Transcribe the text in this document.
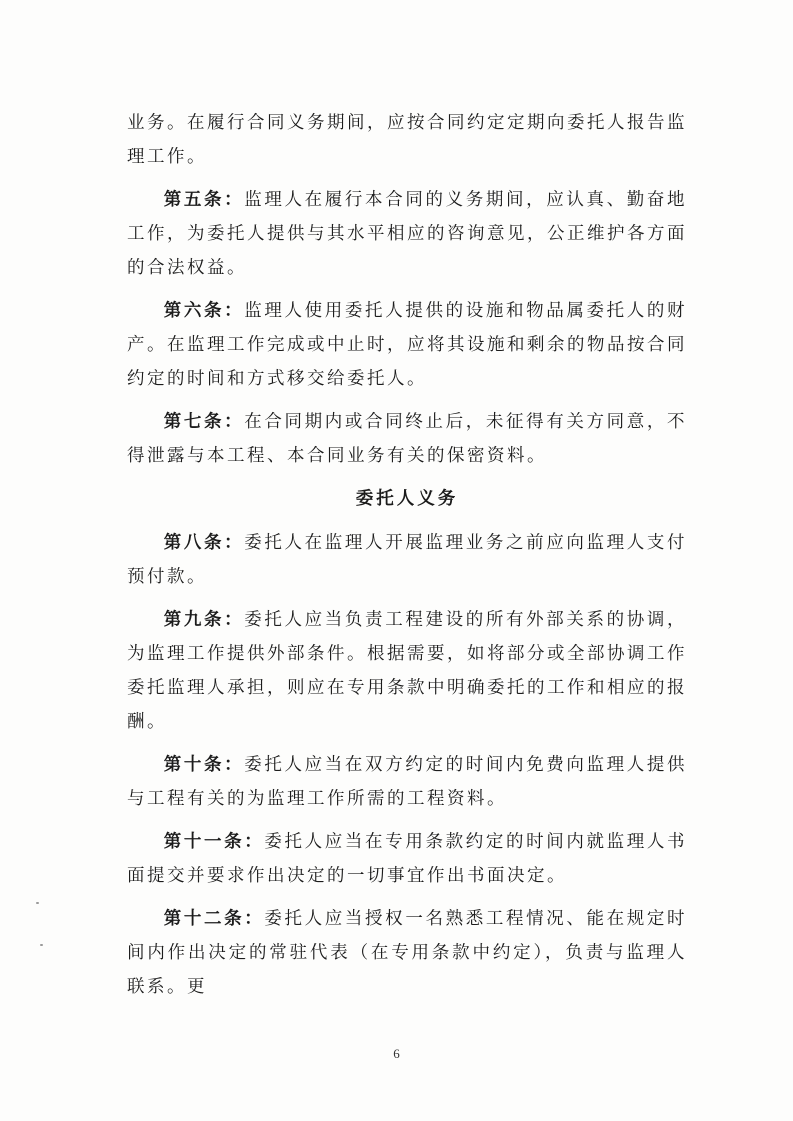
业务。在履行合同义务期间，应按合同约定定期向委托人报告监理工作。

第五条：监理人在履行本合同的义务期间，应认真、勤奋地工作，为委托人提供与其水平相应的咨询意见，公正维护各方面的合法权益。

第六条：监理人使用委托人提供的设施和物品属委托人的财产。在监理工作完成或中止时，应将其设施和剩余的物品按合同约定的时间和方式移交给委托人。

第七条：在合同期内或合同终止后，未征得有关方同意，不得泄露与本工程、本合同业务有关的保密资料。

委托人义务

第八条：委托人在监理人开展监理业务之前应向监理人支付预付款。

第九条：委托人应当负责工程建设的所有外部关系的协调，为监理工作提供外部条件。根据需要，如将部分或全部协调工作委托监理人承担，则应在专用条款中明确委托的工作和相应的报酬。

第十条：委托人应当在双方约定的时间内免费向监理人提供与工程有关的为监理工作所需的工程资料。

第十一条：委托人应当在专用条款约定的时间内就监理人书面提交并要求作出决定的一切事宜作出书面决定。

第十二条：委托人应当授权一名熟悉工程情况、能在规定时间内作出决定的常驻代表（在专用条款中约定），负责与监理人联系。更

6
